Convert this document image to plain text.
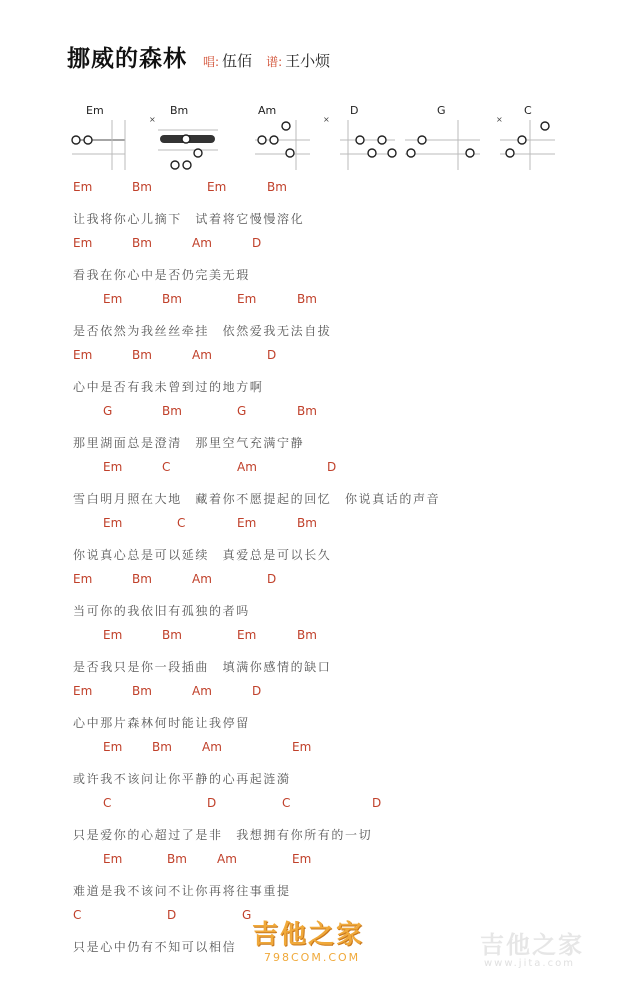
挪威的森林 唱: 伍佰 谱: 王小烦
Em
×
Bm	Am
×
D	G
×
C
Em	Bm	Em	Bm
让我将你心儿摘下　试着将它慢慢溶化
Em	Bm	Am	D
看我在你心中是否仍完美无瑕
Em	Bm	Em	Bm
是否依然为我丝丝牵挂　依然爱我无法自拔
Em	Bm	Am	D
心中是否有我未曾到过的地方啊
G	Bm	G	Bm
那里湖面总是澄清　那里空气充满宁静
Em	C	Am	D
雪白明月照在大地　藏着你不愿提起的回忆　你说真话的声音
Em	C	Em	Bm
你说真心总是可以延续　真爱总是可以长久
Em	Bm	Am	D
当可你的我依旧有孤独的者吗
Em	Bm	Em	Bm
是否我只是你一段插曲　填满你感情的缺口
Em	Bm	Am	D
心中那片森林何时能让我停留
Em Bm	Am	Em
或许我不该问让你平静的心再起涟漪
C	D	C	D
只是爱你的心超过了是非　我想拥有你所有的一切
Em	Bm	Am	Em
难道是我不该问不让你再将往事重提
C	D	G
只是心中仍有不知可以相信 吉他之家
798COM.COM	吉他之家
www.jita.com
